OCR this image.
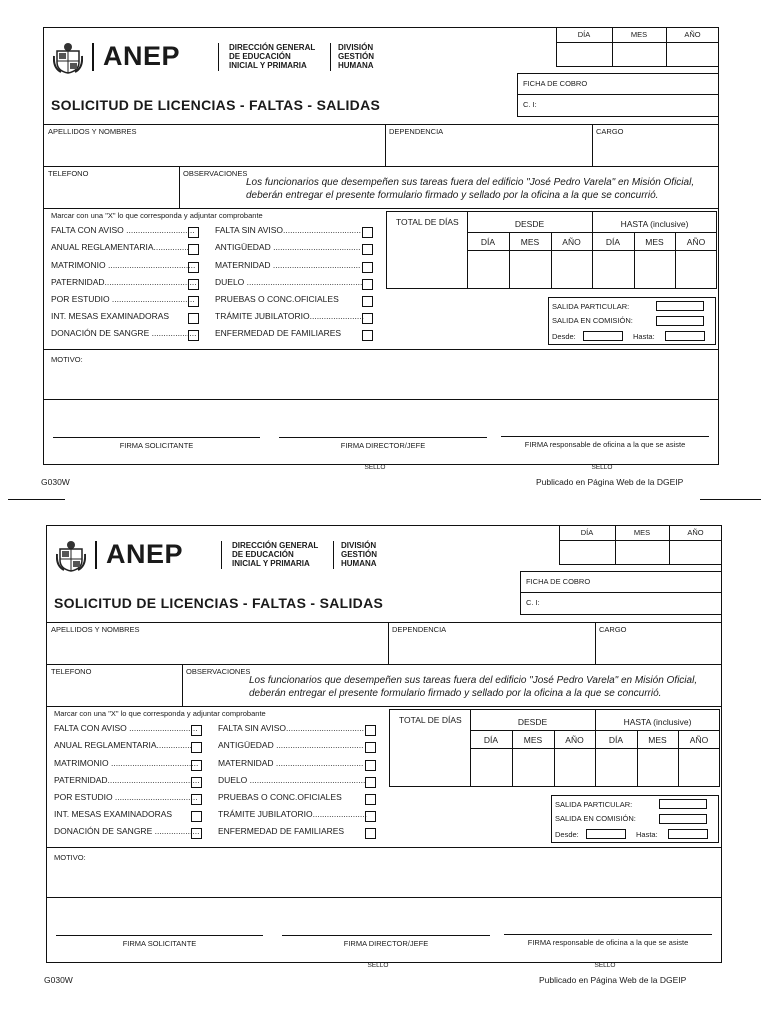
ANEP	DIRECCIÓN GENERAL
DE EDUCACIÓN
INICIAL Y PRIMARIA
DIVISIÓN
GESTIÓN
HUMANA
DÍA	MES	AÑO
FICHA DE COBRO
C. I:
SOLICITUD DE LICENCIAS - FALTAS - SALIDAS
APELLIDOS Y NOMBRES	DEPENDENCIA	CARGO
TELEFONO	OBSERVACIONES
Los funcionarios que desempeñen sus tareas fuera del edificio "José Pedro Varela" en Misión Oficial,
deberán entregar el presente formulario firmado y sellado por la oficina a la que se concurrió.
Marcar con una "X" lo que corresponda y adjuntar comprobante
FALTA CON AVISO .............................
ANUAL REGLAMENTARIA...............
MATRIMONIO .....................................
PATERNIDAD.......................................
POR ESTUDIO ...................................
INT. MESAS EXAMINADORAS
DONACIÓN DE SANGRE ...................
FALTA SIN AVISO.................................
ANTIGÜEDAD .....................................
MATERNIDAD .....................................
DUELO .................................................
PRUEBAS O CONC.OFICIALES
TRÁMITE JUBILATORIO.......................
ENFERMEDAD DE FAMILIARES
TOTAL DE DÍAS	DESDE	HASTA (inclusive)
DÍA	MES	AÑO	DÍA	MES	AÑO
SALIDA PARTICULAR:
SALIDA EN COMISIÓN:
Desde:	Hasta:
MOTIVO:
FIRMA SOLICITANTE	FIRMA DIRECTOR/JEFE	FIRMA responsable de oficina a la que se asiste
SELLO	SELLO
G030W	Publicado en Página Web de la DGEIP
ANEP	DIRECCIÓN GENERAL
DE EDUCACIÓN
INICIAL Y PRIMARIA
DIVISIÓN
GESTIÓN
HUMANA
DÍA	MES	AÑO
FICHA DE COBRO
C. I:
SOLICITUD DE LICENCIAS - FALTAS - SALIDAS
APELLIDOS Y NOMBRES	DEPENDENCIA	CARGO
TELEFONO	OBSERVACIONES
Los funcionarios que desempeñen sus tareas fuera del edificio "José Pedro Varela" en Misión Oficial,
deberán entregar el presente formulario firmado y sellado por la oficina a la que se concurrió.
Marcar con una "X" lo que corresponda y adjuntar comprobante
FALTA CON AVISO .............................
ANUAL REGLAMENTARIA...............
MATRIMONIO .....................................
PATERNIDAD.......................................
POR ESTUDIO ...................................
INT. MESAS EXAMINADORAS
DONACIÓN DE SANGRE ...................
FALTA SIN AVISO.................................
ANTIGÜEDAD .....................................
MATERNIDAD .....................................
DUELO .................................................
PRUEBAS O CONC.OFICIALES
TRÁMITE JUBILATORIO.......................
ENFERMEDAD DE FAMILIARES
TOTAL DE DÍAS	DESDE	HASTA (inclusive)
DÍA	MES	AÑO	DÍA	MES	AÑO
SALIDA PARTICULAR:
SALIDA EN COMISIÓN:
Desde:	Hasta:
MOTIVO:
FIRMA SOLICITANTE	FIRMA DIRECTOR/JEFE	FIRMA responsable de oficina a la que se asiste
SELLO	SELLO
G030W	Publicado en Página Web de la DGEIP
